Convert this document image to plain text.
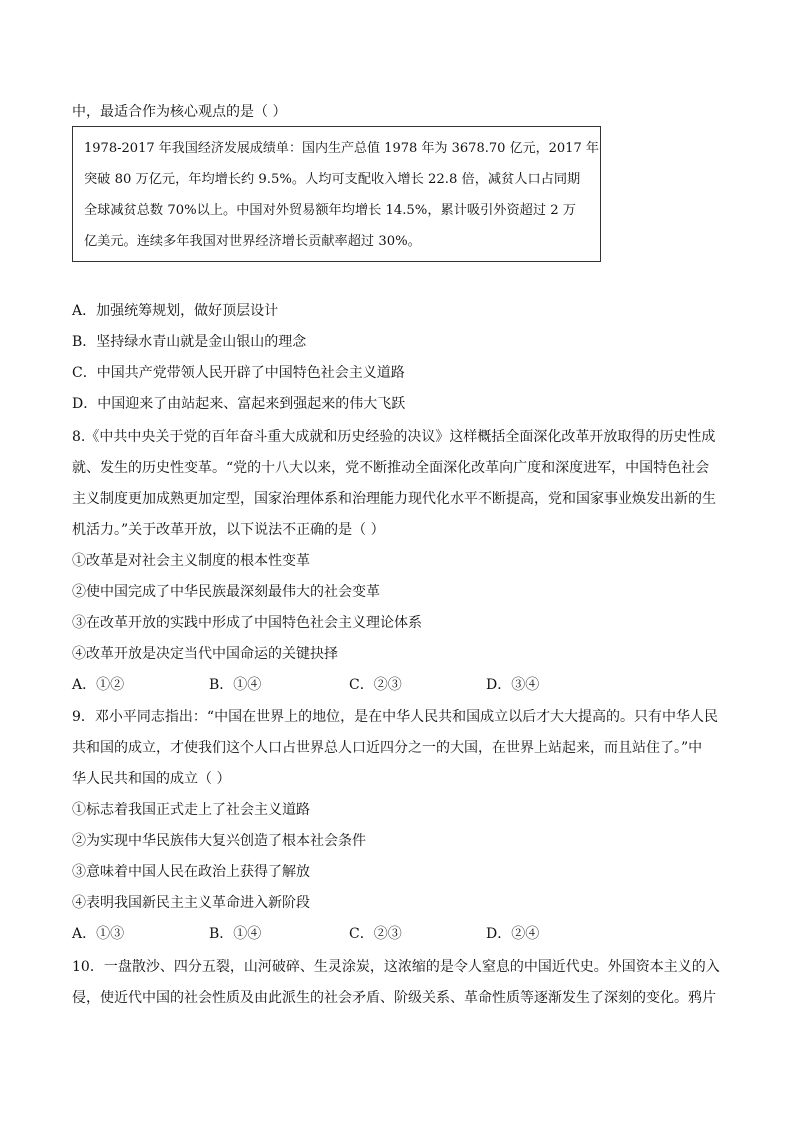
中，最适合作为核心观点的是（ ）
1978-2017 年我国经济发展成绩单：国内生产总值 1978 年为 3678.70 亿元，2017 年
突破 80 万亿元，年均增长约 9.5%。人均可支配收入增长 22.8 倍，减贫人口占同期
全球减贫总数 70%以上。中国对外贸易额年均增长 14.5%，累计吸引外资超过 2 万
亿美元。连续多年我国对世界经济增长贡献率超过 30%。
A．加强统筹规划，做好顶层设计
B．坚持绿水青山就是金山银山的理念
C．中国共产党带领人民开辟了中国特色社会主义道路
D．中国迎来了由站起来、富起来到强起来的伟大飞跃
8.《中共中央关于党的百年奋斗重大成就和历史经验的决议》这样概括全面深化改革开放取得的历史性成
就、发生的历史性变革。“党的十八大以来，党不断推动全面深化改革向广度和深度进军，中国特色社会
主义制度更加成熟更加定型，国家治理体系和治理能力现代化水平不断提高，党和国家事业焕发出新的生
机活力。”关于改革开放，以下说法不正确的是（ ）
①改革是对社会主义制度的根本性变革
②使中国完成了中华民族最深刻最伟大的社会变革
③在改革开放的实践中形成了中国特色社会主义理论体系
④改革开放是决定当代中国命运的关键抉择
A．①②	B．①④	C．②③	D．③④
9．邓小平同志指出：“中国在世界上的地位，是在中华人民共和国成立以后才大大提高的。只有中华人民
共和国的成立，才使我们这个人口占世界总人口近四分之一的大国，在世界上站起来，而且站住了。”中
华人民共和国的成立（ ）
①标志着我国正式走上了社会主义道路
②为实现中华民族伟大复兴创造了根本社会条件
③意味着中国人民在政治上获得了解放
④表明我国新民主主义革命进入新阶段
A．①③	B．①④	C．②③	D．②④
10．一盘散沙、四分五裂，山河破碎、生灵涂炭，这浓缩的是令人窒息的中国近代史。外国资本主义的入
侵，使近代中国的社会性质及由此派生的社会矛盾、阶级关系、革命性质等逐渐发生了深刻的变化。鸦片
